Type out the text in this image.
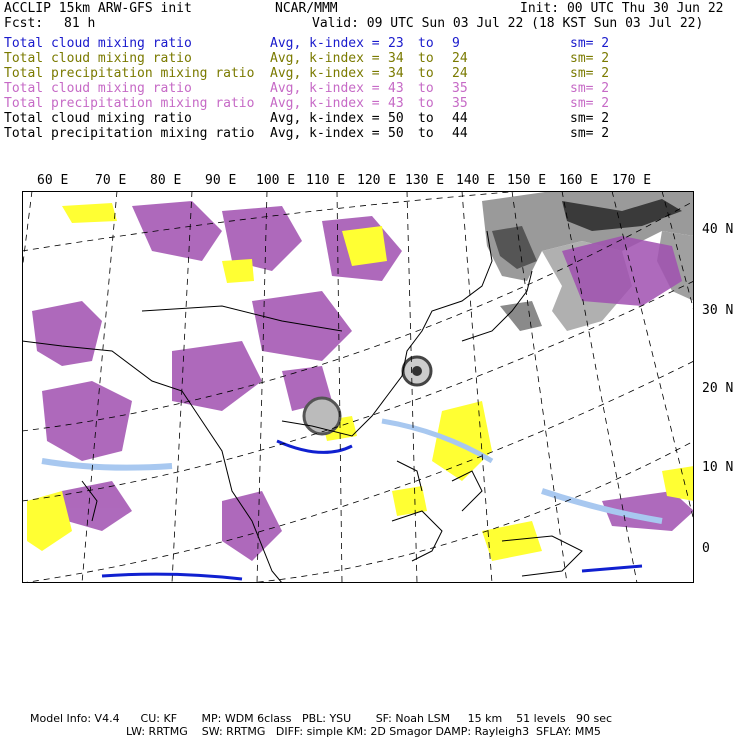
ACCLIP 15km ARW-GFS init	NCAR/MMM	Init: 00 UTC Thu 30 Jun 22
Fcst: 81 h	Valid: 09 UTC Sun 03 Jul 22 (18 KST Sun 03 Jul 22)
Total cloud mixing ratio	Avg, k-index = 23 to 9	sm= 2
Total cloud mixing ratio	Avg, k-index = 34 to 24	sm= 2
Total precipitation mixing ratio Avg, k-index = 34 to 24	sm= 2
Total cloud mixing ratio	Avg, k-index = 43 to 35	sm= 2
Total precipitation mixing ratio Avg, k-index = 43 to 35	sm= 2
Total cloud mixing ratio	Avg, k-index = 50 to 44	sm= 2
Total precipitation mixing ratio Avg, k-index = 50 to 44	sm= 2
60 E 70 E 80 E 90 E 100 E 110 E 120 E 130 E 140 E 150 E 160 E 170 E
40 N
30 N
20 N
10 N
0
Model Info: V4.4      CU: KF       MP: WDM 6class   PBL: YSU       SF: Noah LSM     15 km    51 levels   90 sec
LW: RRTMG    SW: RRTMG   DIFF: simple KM: 2D Smagor DAMP: Rayleigh3  SFLAY: MM5
